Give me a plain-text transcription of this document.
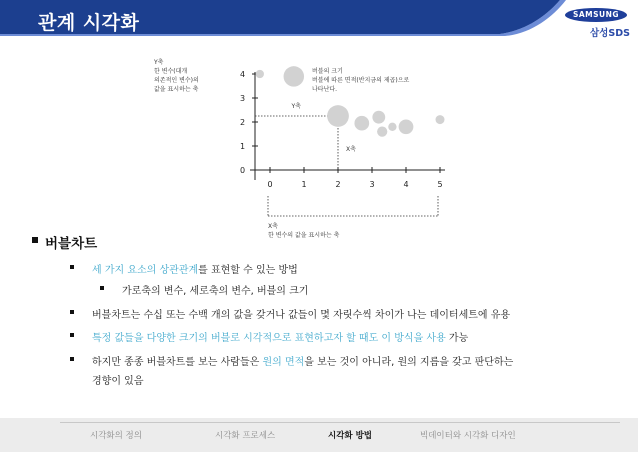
관계 시각화	SAMSUNG
삼성SDS
Y축
한 변수(대개
의존적인 변수)의
값을 표시하는 축
버블의 크기
버블에 따른 면적(반지금의 제곱)으로
나타난다.
0
1
2
3
4
0	1	2	3	4	5
Y축
X축
X축
한 변수의 값을 표시하는 축
버블차트
세 가지 요소의 상관관계를 표현할 수 있는 방법
가로축의 변수, 세로축의 변수, 버블의 크기
버블차트는 수십 또는 수백 개의 값을 갖거나 값들이 몇 자릿수씩 차이가 나는 데이터세트에 유용
특정 값들을 다양한 크기의 버블로 시각적으로 표현하고자 할 때도 이 방식을 사용 가능
하지만 종종 버블차트를 보는 사람들은 원의 면적을 보는 것이 아니라, 원의 지름을 갖고 판단하는
경향이 있음
시각화의 정의	시각화 프로세스	시각화 방법	빅데이터와 시각화 디자인
